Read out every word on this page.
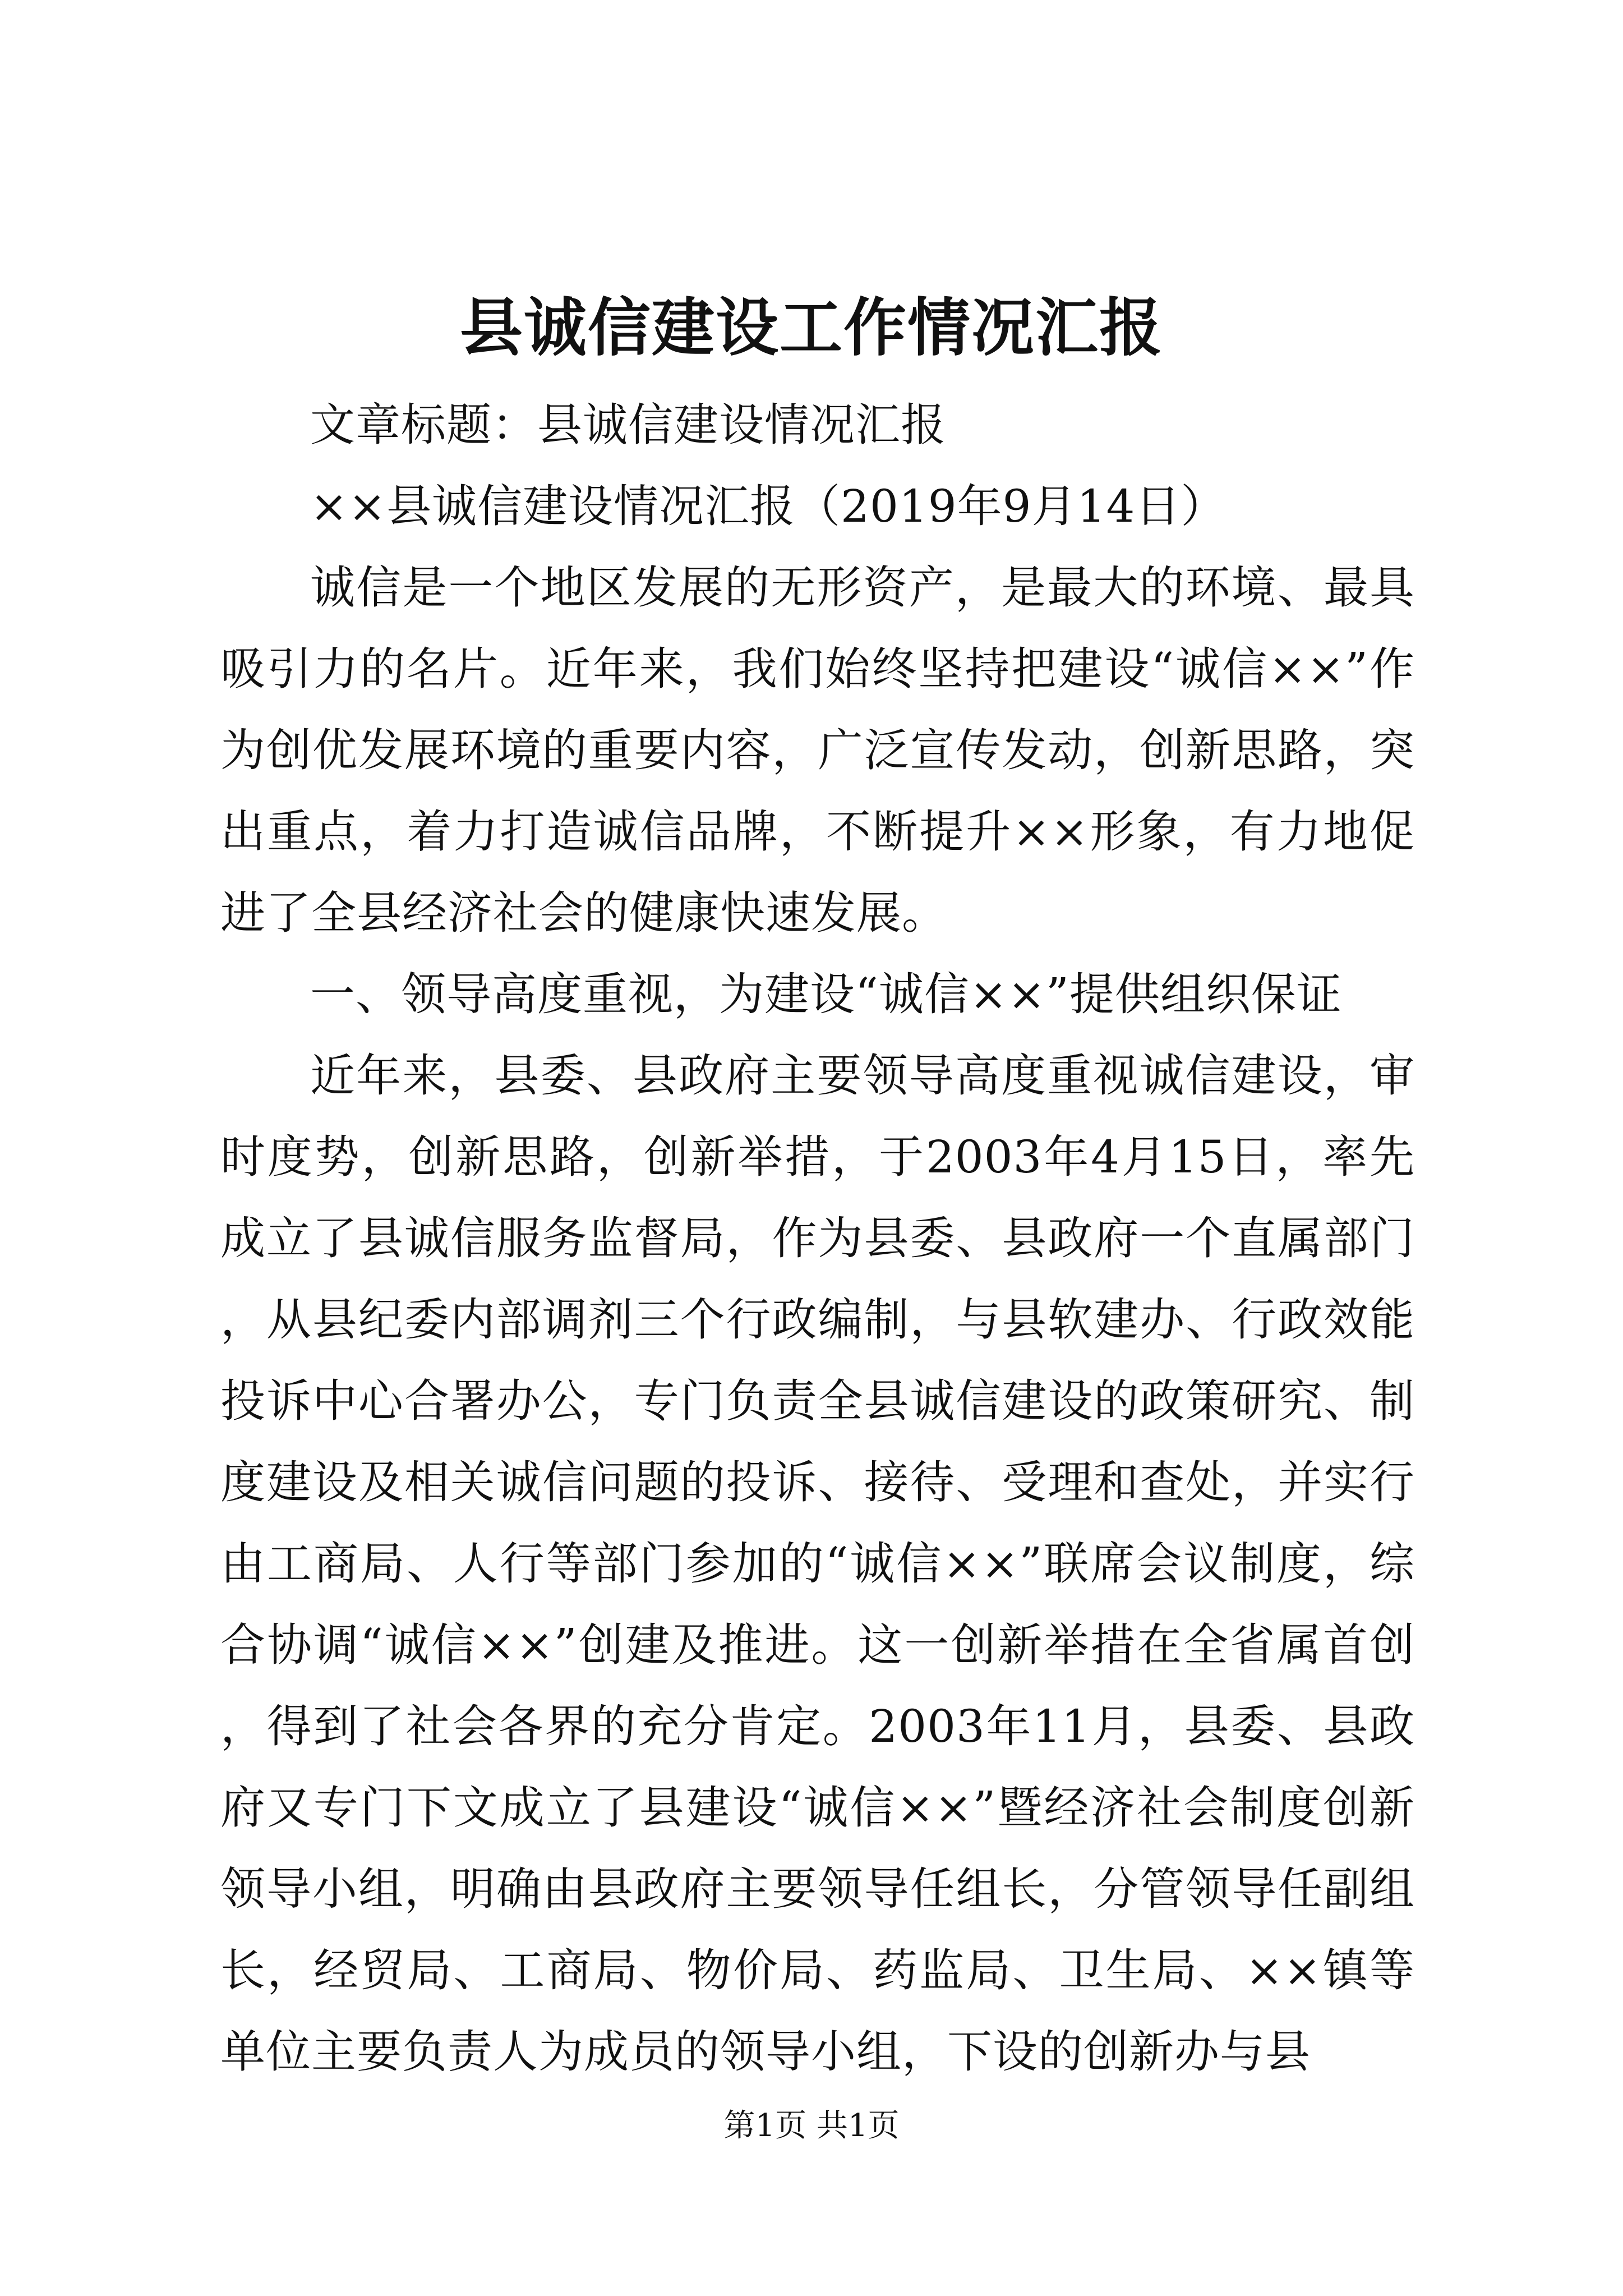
县诚信建设工作情况汇报

文章标题：县诚信建设情况汇报

××县诚信建设情况汇报（2019年9月14日）

诚信是一个地区发展的无形资产，是最大的环境、最具吸引力的名片。近年来，我们始终坚持把建设“诚信××”作为创优发展环境的重要内容，广泛宣传发动，创新思路，突出重点，着力打造诚信品牌，不断提升××形象，有力地促进了全县经济社会的健康快速发展。

一、领导高度重视，为建设“诚信××”提供组织保证

近年来，县委、县政府主要领导高度重视诚信建设，审时度势，创新思路，创新举措，于2003年4月15日，率先成立了县诚信服务监督局，作为县委、县政府一个直属部门，从县纪委内部调剂三个行政编制，与县软建办、行政效能投诉中心合署办公，专门负责全县诚信建设的政策研究、制度建设及相关诚信问题的投诉、接待、受理和查处，并实行由工商局、人行等部门参加的“诚信××”联席会议制度，综合协调“诚信××”创建及推进。这一创新举措在全省属首创，得到了社会各界的充分肯定。2003年11月，县委、县政府又专门下文成立了县建设“诚信××”暨经济社会制度创新领导小组，明确由县政府主要领导任组长，分管领导任副组长，经贸局、工商局、物价局、药监局、卫生局、××镇等单位主要负责人为成员的领导小组，下设的创新办与县

第1页 共1页
